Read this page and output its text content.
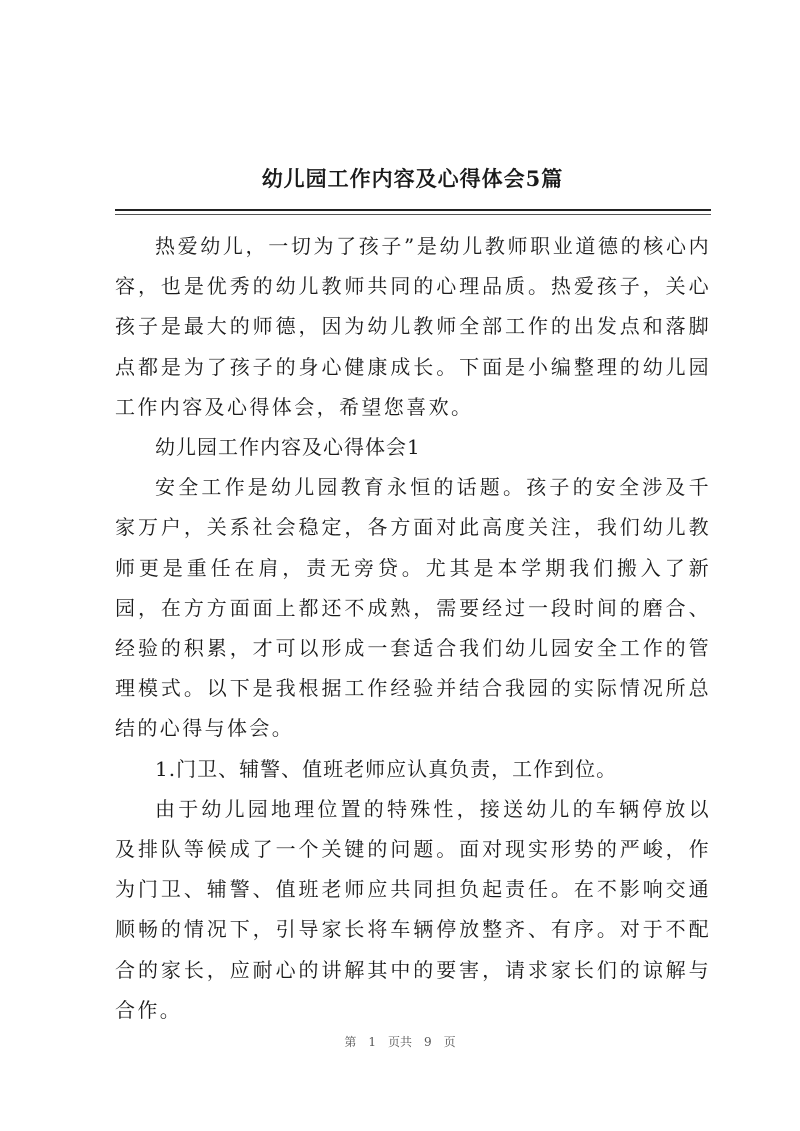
幼儿园工作内容及心得体会5篇

热爱幼儿，一切为了孩子”是幼儿教师职业道德的核心内容，也是优秀的幼儿教师共同的心理品质。热爱孩子，关心孩子是最大的师德，因为幼儿教师全部工作的出发点和落脚点都是为了孩子的身心健康成长。下面是小编整理的幼儿园工作内容及心得体会，希望您喜欢。

幼儿园工作内容及心得体会1

安全工作是幼儿园教育永恒的话题。孩子的安全涉及千家万户，关系社会稳定，各方面对此高度关注，我们幼儿教师更是重任在肩，责无旁贷。尤其是本学期我们搬入了新园，在方方面面上都还不成熟，需要经过一段时间的磨合、经验的积累，才可以形成一套适合我们幼儿园安全工作的管理模式。以下是我根据工作经验并结合我园的实际情况所总结的心得与体会。

1.门卫、辅警、值班老师应认真负责，工作到位。

由于幼儿园地理位置的特殊性，接送幼儿的车辆停放以及排队等候成了一个关键的问题。面对现实形势的严峻，作为门卫、辅警、值班老师应共同担负起责任。在不影响交通顺畅的情况下，引导家长将车辆停放整齐、有序。对于不配合的家长，应耐心的讲解其中的要害，请求家长们的谅解与合作。

第 1 页共 9 页
